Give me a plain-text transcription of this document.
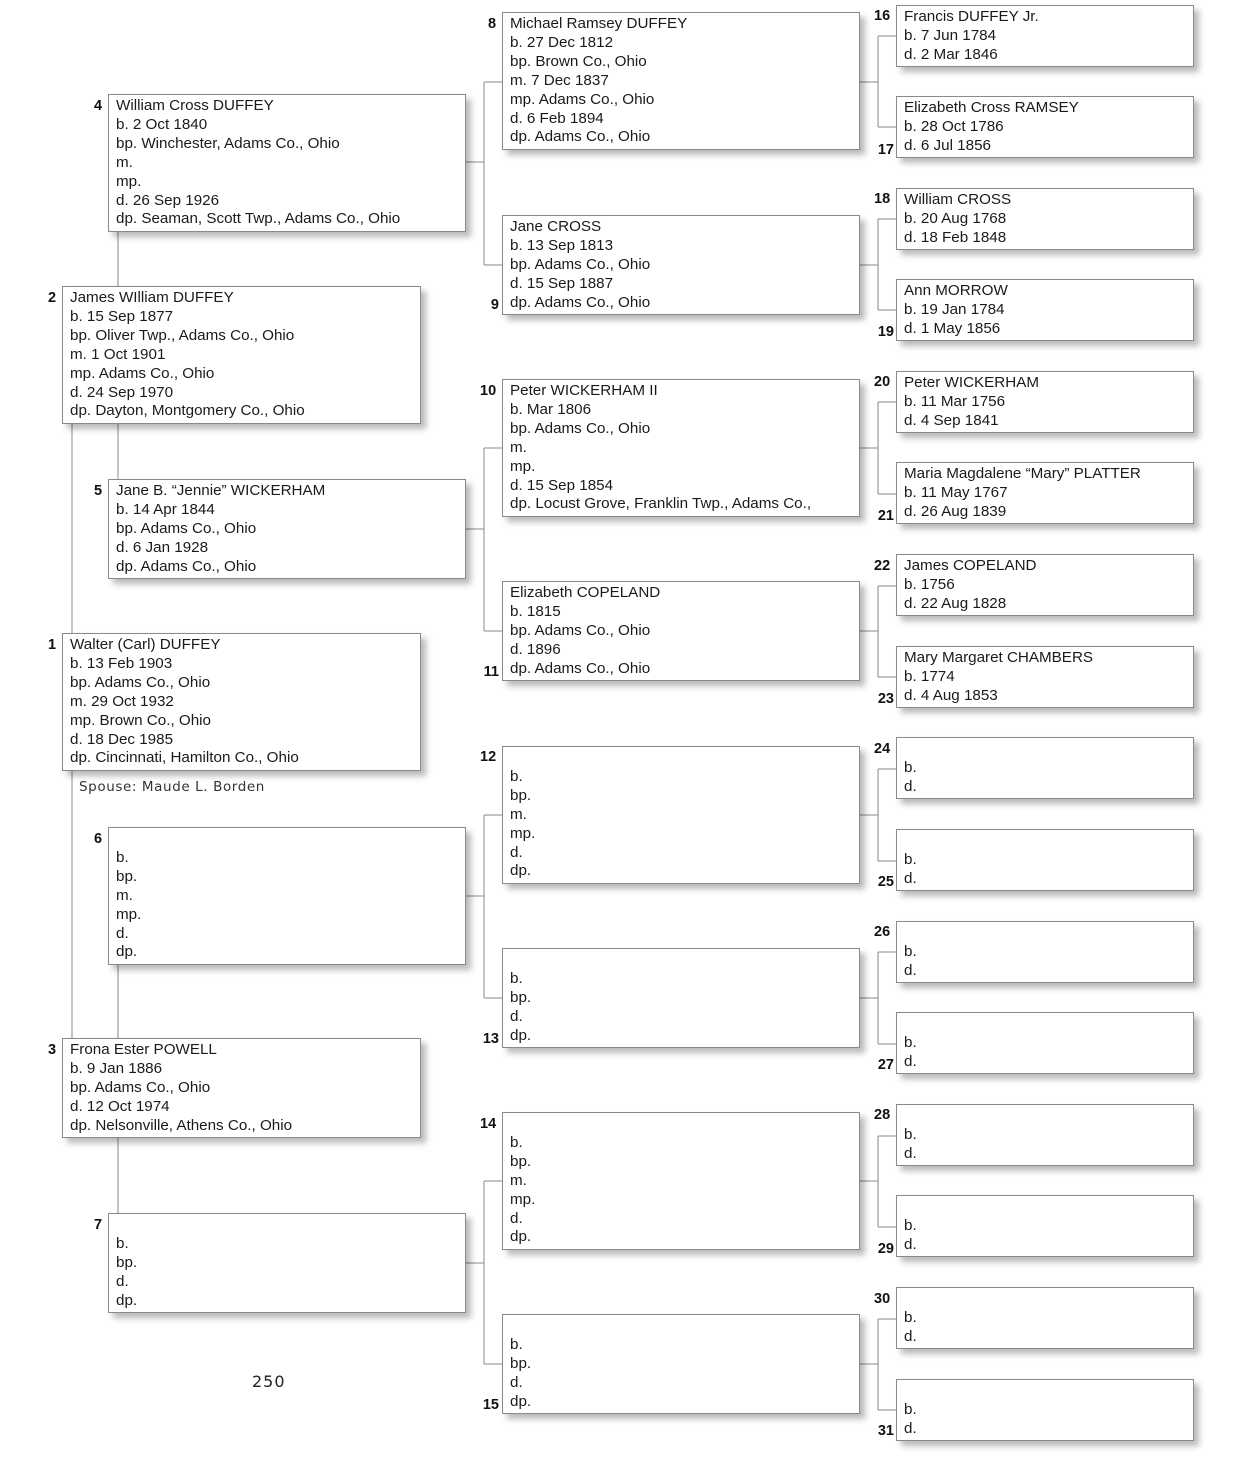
Walter (Carl) DUFFEY
b. 13 Feb 1903
bp. Adams Co., Ohio
m. 29 Oct 1932
mp. Brown Co., Ohio
d. 18 Dec 1985
dp. Cincinnati, Hamilton Co., Ohio
1
James WIlliam DUFFEY
b. 15 Sep 1877
bp. Oliver Twp., Adams Co., Ohio
m. 1 Oct 1901
mp. Adams Co., Ohio
d. 24 Sep 1970
dp. Dayton, Montgomery Co., Ohio
2
Frona Ester POWELL
b. 9 Jan 1886
bp. Adams Co., Ohio
d. 12 Oct 1974
dp. Nelsonville, Athens Co., Ohio
3
William Cross DUFFEY
b. 2 Oct 1840
bp. Winchester, Adams Co., Ohio
m.
mp.
d. 26 Sep 1926
dp. Seaman, Scott Twp., Adams Co., Ohio
4
Jane B. “Jennie” WICKERHAM
b. 14 Apr 1844
bp. Adams Co., Ohio
d. 6 Jan 1928
dp. Adams Co., Ohio
5

b.
bp.
m.
mp.
d.
dp.
6

b.
bp.
d.
dp.
7
Michael Ramsey DUFFEY
b. 27 Dec 1812
bp. Brown Co., Ohio
m. 7 Dec 1837
mp. Adams Co., Ohio
d. 6 Feb 1894
dp. Adams Co., Ohio
8
Jane CROSS
b. 13 Sep 1813
bp. Adams Co., Ohio
d. 15 Sep 1887
dp. Adams Co., Ohio
9
Peter WICKERHAM II
b. Mar 1806
bp. Adams Co., Ohio
m.
mp.
d. 15 Sep 1854
dp. Locust Grove, Franklin Twp., Adams Co.,
10
Elizabeth COPELAND
b. 1815
bp. Adams Co., Ohio
d. 1896
dp. Adams Co., Ohio
11

b.
bp.
m.
mp.
d.
dp.
12

b.
bp.
d.
dp.
13

b.
bp.
m.
mp.
d.
dp.
14

b.
bp.
d.
dp.
15
Francis DUFFEY Jr.
b. 7 Jun 1784
d. 2 Mar 1846
16
Elizabeth Cross RAMSEY
b. 28 Oct 1786
d. 6 Jul 1856
17
William CROSS
b. 20 Aug 1768
d. 18 Feb 1848
18
Ann MORROW
b. 19 Jan 1784
d. 1 May 1856
19
Peter WICKERHAM
b. 11 Mar 1756
d. 4 Sep 1841
20
Maria Magdalene “Mary” PLATTER
b. 11 May 1767
d. 26 Aug 1839
21
James COPELAND
b. 1756
d. 22 Aug 1828
22
Mary Margaret CHAMBERS
b. 1774
d. 4 Aug 1853
23

b.
d.
24

b.
d.
25

b.
d.
26

b.
d.
27

b.
d.
28

b.
d.
29

b.
d.
30

b.
d.
31
Spouse: Maude L. Borden
250
